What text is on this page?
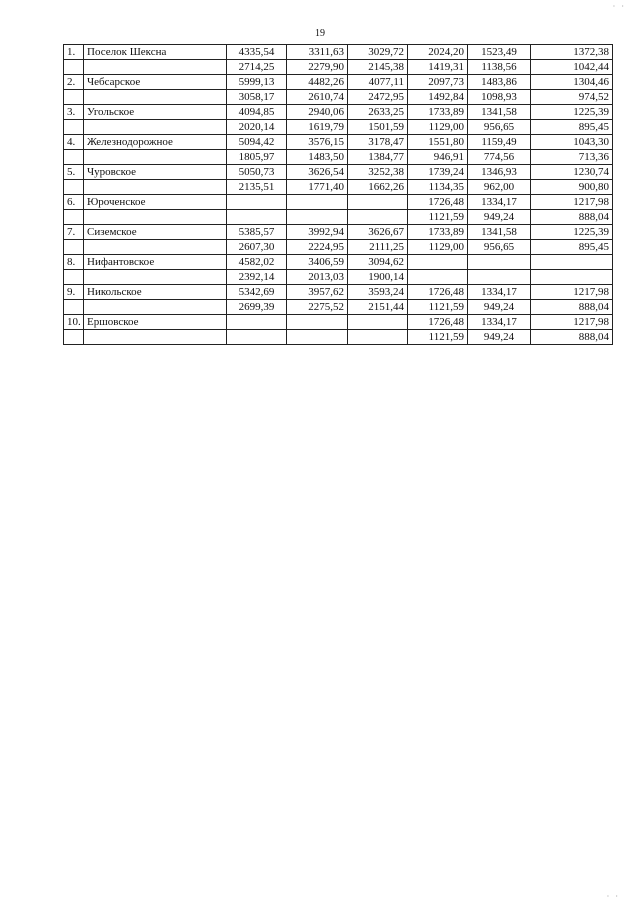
· ·
19
1.	Поселок Шексна	4335,54	3311,63	3029,72	2024,20	1523,49	1372,38
		2714,25	2279,90	2145,38	1419,31	1138,56	1042,44
2.	Чебсарское	5999,13	4482,26	4077,11	2097,73	1483,86	1304,46
		3058,17	2610,74	2472,95	1492,84	1098,93	974,52
3.	Угольское	4094,85	2940,06	2633,25	1733,89	1341,58	1225,39
		2020,14	1619,79	1501,59	1129,00	956,65	895,45
4.	Железнодорожное	5094,42	3576,15	3178,47	1551,80	1159,49	1043,30
		1805,97	1483,50	1384,77	946,91	774,56	713,36
5.	Чуровское	5050,73	3626,54	3252,38	1739,24	1346,93	1230,74
		2135,51	1771,40	1662,26	1134,35	962,00	900,80
6.	Юроченское				1726,48	1334,17	1217,98
					1121,59	949,24	888,04
7.	Сиземское	5385,57	3992,94	3626,67	1733,89	1341,58	1225,39
		2607,30	2224,95	2111,25	1129,00	956,65	895,45
8.	Нифантовское	4582,02	3406,59	3094,62			
		2392,14	2013,03	1900,14			
9.	Никольское	5342,69	3957,62	3593,24	1726,48	1334,17	1217,98
		2699,39	2275,52	2151,44	1121,59	949,24	888,04
10.	Ершовское				1726,48	1334,17	1217,98
					1121,59	949,24	888,04
· ·
